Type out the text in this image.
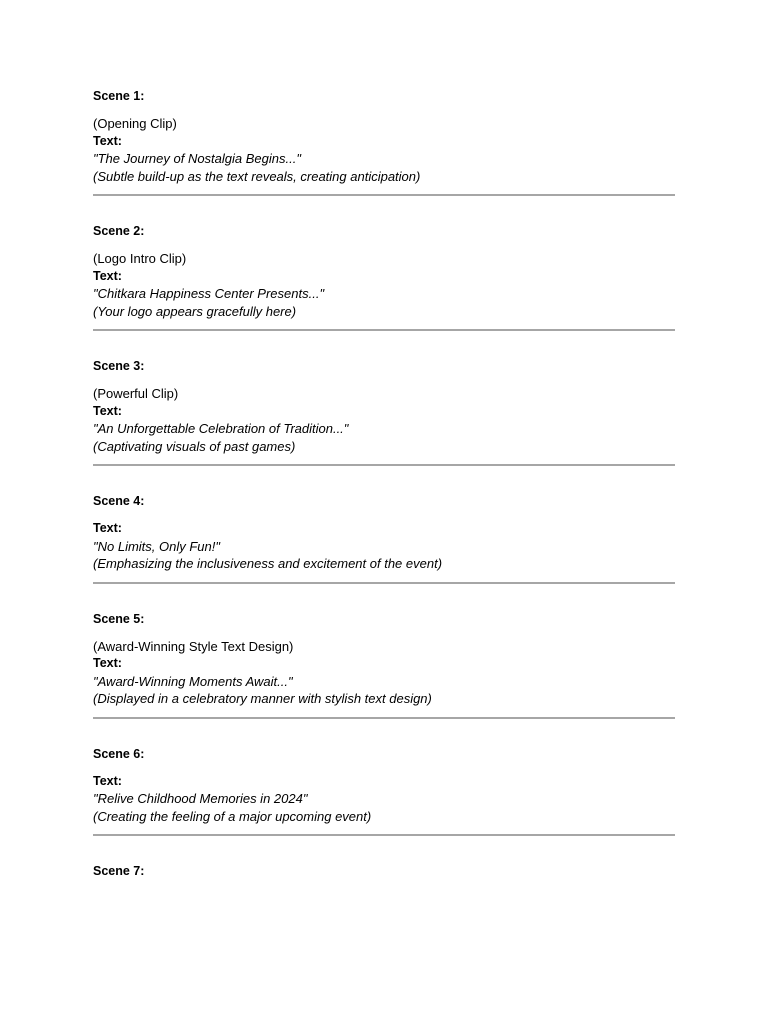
Scene 1:

(Opening Clip)

Text:

"The Journey of Nostalgia Begins..."

(Subtle build-up as the text reveals, creating anticipation)

Scene 2:

(Logo Intro Clip)

Text:

"Chitkara Happiness Center Presents..."

(Your logo appears gracefully here)

Scene 3:

(Powerful Clip)

Text:

"An Unforgettable Celebration of Tradition..."

(Captivating visuals of past games)

Scene 4:

Text:

"No Limits, Only Fun!"

(Emphasizing the inclusiveness and excitement of the event)

Scene 5:

(Award-Winning Style Text Design)

Text:

"Award-Winning Moments Await..."

(Displayed in a celebratory manner with stylish text design)

Scene 6:

Text:

"Relive Childhood Memories in 2024"

(Creating the feeling of a major upcoming event)

Scene 7:
